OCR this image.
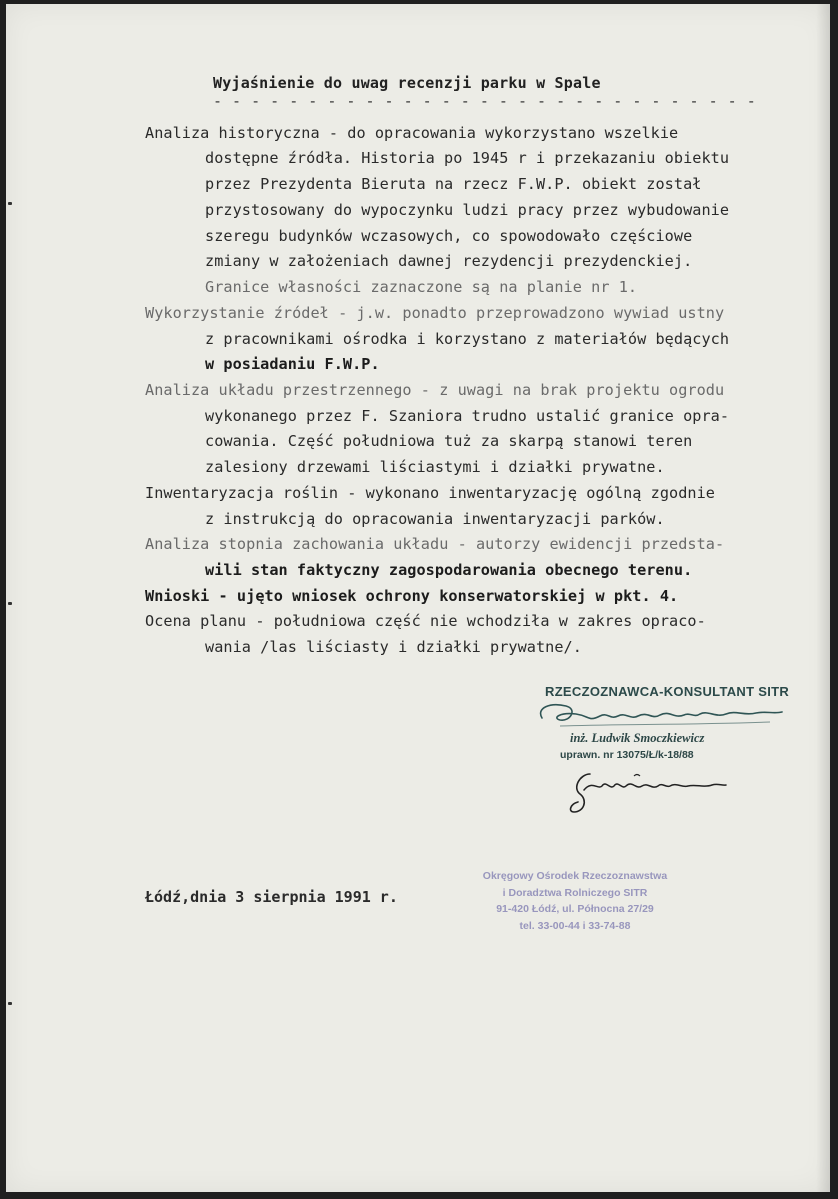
Wyjaśnienie do uwag recenzji parku w Spale
- - - - - - - - - - - - - - - - - - - - - - - - - - - - -
Analiza historyczna - do opracowania wykorzystano wszelkie
dostępne źródła. Historia po 1945 r i przekazaniu obiektu
przez Prezydenta Bieruta na rzecz F.W.P. obiekt został
przystosowany do wypoczynku ludzi pracy przez wybudowanie
szeregu budynków wczasowych, co spowodowało częściowe
zmiany w założeniach dawnej rezydencji prezydenckiej.
Granice własności zaznaczone są na planie nr 1.
Wykorzystanie źródeł - j.w. ponadto przeprowadzono wywiad ustny
z pracownikami ośrodka i korzystano z materiałów będących
w posiadaniu F.W.P.
Analiza układu przestrzennego - z uwagi na brak projektu ogrodu
wykonanego przez F. Szaniora trudno ustalić granice opra-
cowania. Część południowa tuż za skarpą stanowi teren
zalesiony drzewami liściastymi i działki prywatne.
Inwentaryzacja roślin - wykonano inwentaryzację ogólną zgodnie
z instrukcją do opracowania inwentaryzacji parków.
Analiza stopnia zachowania układu - autorzy ewidencji przedsta-
wili stan faktyczny zagospodarowania obecnego terenu.
Wnioski - ujęto wniosek ochrony konserwatorskiej w pkt. 4.
Ocena planu - południowa część nie wchodziła w zakres opraco-
wania /las liściasty i działki prywatne/.
RZECZOZNAWCA-KONSULTANT SITR
inż. Ludwik Smoczkiewicz
uprawn. nr 13075/Ł/k-18/88
Łódź,dnia 3 sierpnia 1991 r.
Okręgowy Ośrodek Rzeczoznawstwa
i Doradztwa Rolniczego SITR
91-420 Łódź, ul. Północna 27/29
tel. 33-00-44 i 33-74-88
